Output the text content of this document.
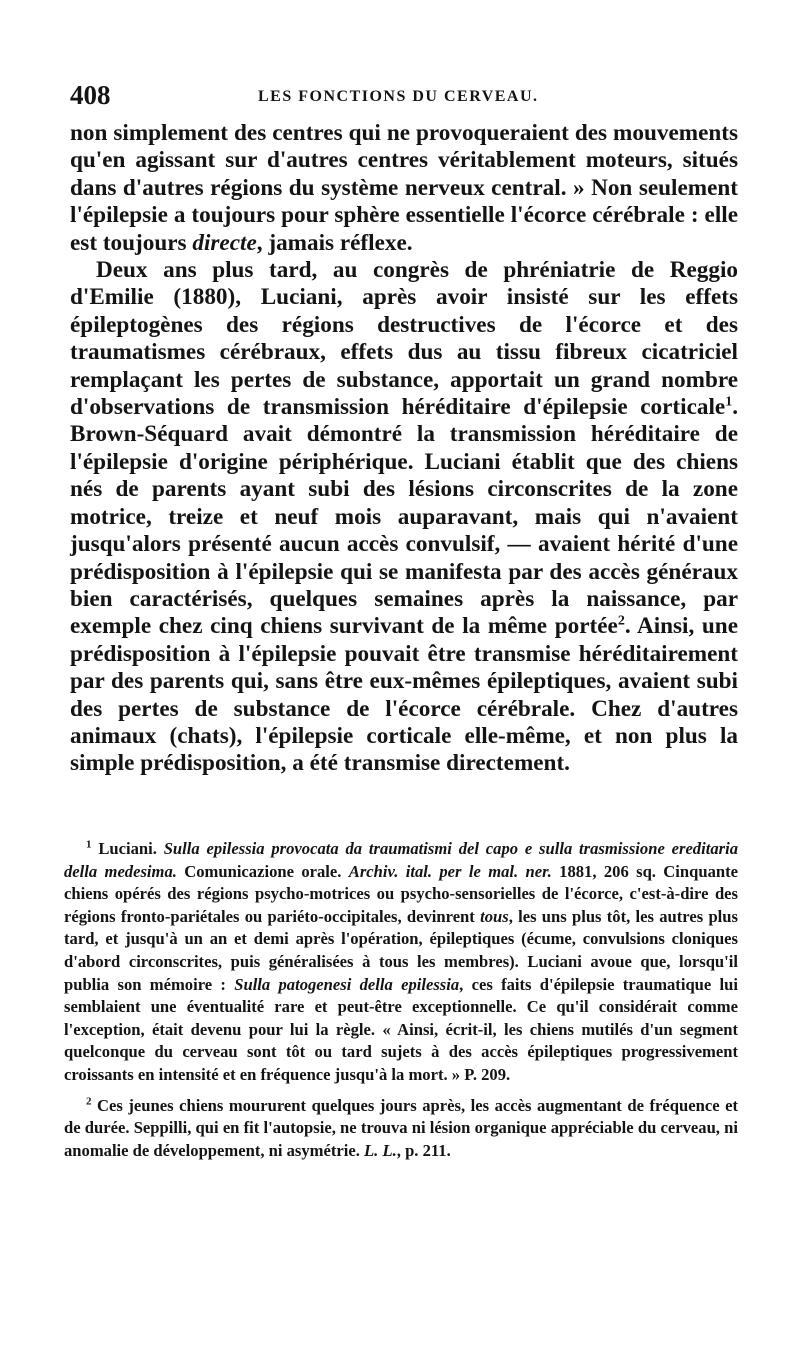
408	LES FONCTIONS DU CERVEAU.

non simplement des centres qui ne provoqueraient des mouvements qu'en agissant sur d'autres centres véritablement moteurs, situés dans d'autres régions du système nerveux central. » Non seulement l'épilepsie a toujours pour sphère essentielle l'écorce cérébrale : elle est toujours directe, jamais réflexe.

Deux ans plus tard, au congrès de phréniatrie de Reggio d'Emilie (1880), Luciani, après avoir insisté sur les effets épileptogènes des régions destructives de l'écorce et des traumatismes cérébraux, effets dus au tissu fibreux cicatriciel remplaçant les pertes de substance, apportait un grand nombre d'observations de transmission héréditaire d'épilepsie corticale$^1$. Brown-Séquard avait démontré la transmission héréditaire de l'épilepsie d'origine périphérique. Luciani établit que des chiens nés de parents ayant subi des lésions circonscrites de la zone motrice, treize et neuf mois auparavant, mais qui n'avaient jusqu'alors présenté aucun accès convulsif, — avaient hérité d'une prédisposition à l'épilepsie qui se manifesta par des accès généraux bien caractérisés, quelques semaines après la naissance, par exemple chez cinq chiens survivant de la même portée$^2$. Ainsi, une prédisposition à l'épilepsie pouvait être transmise héréditairement par des parents qui, sans être eux-mêmes épileptiques, avaient subi des pertes de substance de l'écorce cérébrale. Chez d'autres animaux (chats), l'épilepsie corticale elle-même, et non plus la simple prédisposition, a été transmise directement.

$^1$ Luciani. Sulla epilessia provocata da traumatismi del capo e sulla trasmissione ereditaria della medesima. Comunicazione orale. Archiv. ital. per le mal. ner. 1881, 206 sq. Cinquante chiens opérés des régions psycho-motrices ou psycho-sensorielles de l'écorce, c'est-à-dire des régions fronto-pariétales ou pariéto-occipitales, devinrent tous, les uns plus tôt, les autres plus tard, et jusqu'à un an et demi après l'opération, épileptiques (écume, convulsions cloniques d'abord circonscrites, puis généralisées à tous les membres). Luciani avoue que, lorsqu'il publia son mémoire : Sulla patogenesi della epilessia, ces faits d'épilepsie traumatique lui semblaient une éventualité rare et peut-être exceptionnelle. Ce qu'il considérait comme l'exception, était devenu pour lui la règle. « Ainsi, écrit-il, les chiens mutilés d'un segment quelconque du cerveau sont tôt ou tard sujets à des accès épileptiques progressivement croissants en intensité et en fréquence jusqu'à la mort. » P. 209.

$^2$ Ces jeunes chiens moururent quelques jours après, les accès augmentant de fréquence et de durée. Seppilli, qui en fit l'autopsie, ne trouva ni lésion organique appréciable du cerveau, ni anomalie de développement, ni asymétrie. L. L., p. 211.
